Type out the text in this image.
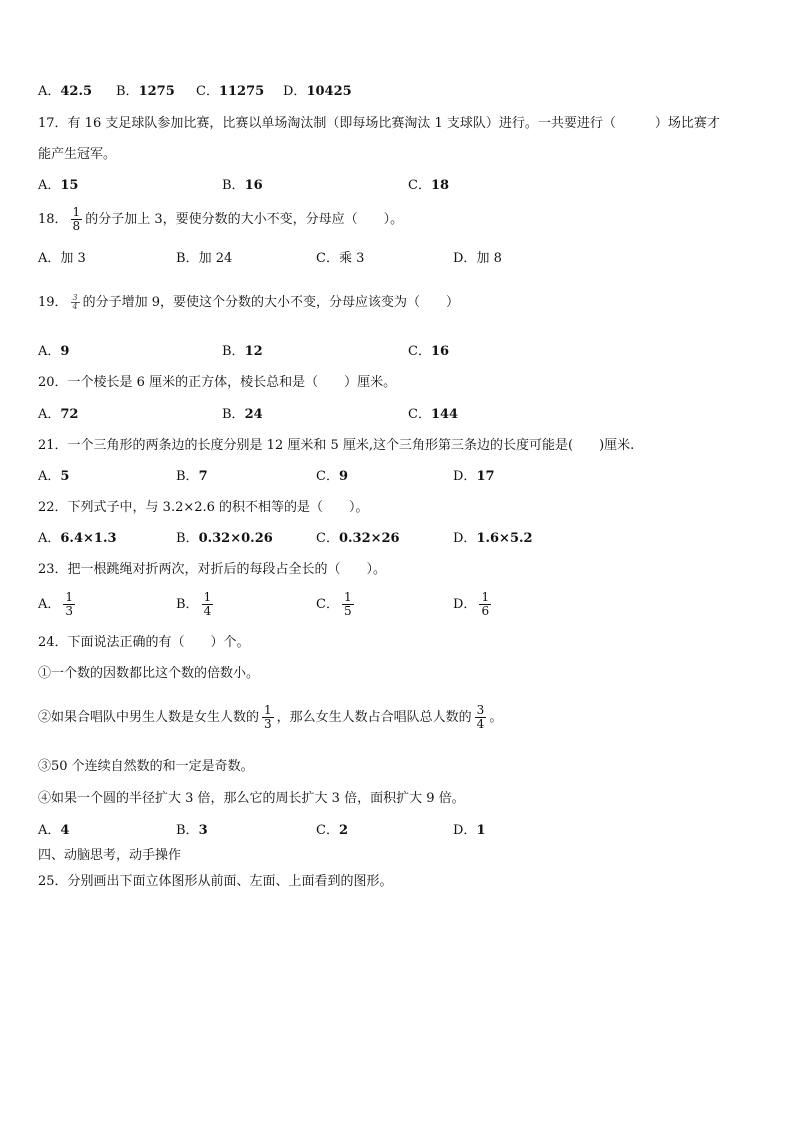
A．42.5 B．1275 C．11275 D．10425
17．有 16 支足球队参加比赛，比赛以单场淘汰制（即每场比赛淘汰 1 支球队）进行。一共要进行（　　　）场比赛才
能产生冠军。
A．15	B．16	C．18
18． $\frac{1}{8}$ 的分子加上 3，要使分数的大小不变，分母应（　　）。
A．加 3	B．加 24	C．乘 3	D．加 8
19． $\frac{3}{4}$ 的分子增加 9，要使这个分数的大小不变，分母应该变为（　　）
A．9	B．12	C．16
20．一个棱长是 6 厘米的正方体，棱长总和是（　　）厘米。
A．72	B．24	C．144
21．一个三角形的两条边的长度分别是 12 厘米和 5 厘米,这个三角形第三条边的长度可能是(　　)厘米.
A．5	B．7	C．9	D．17
22．下列式子中，与 3.2×2.6 的积不相等的是（　　）。
A．6.4×1.3	B．0.32×0.26	C．0.32×26	D．1.6×5.2
23．把一根跳绳对折两次，对折后的每段占全长的（　　）。
A． $\frac{1}{3}$	B． $\frac{1}{4}$	C． $\frac{1}{5}$	D． $\frac{1}{6}$
24．下面说法正确的有（　　）个。
①一个数的因数都比这个数的倍数小。
②如果合唱队中男生人数是女生人数的 $\frac{1}{3}$ ，那么女生人数占合唱队总人数的 $\frac{3}{4}$ 。
③50 个连续自然数的和一定是奇数。
④如果一个圆的半径扩大 3 倍，那么它的周长扩大 3 倍，面积扩大 9 倍。
A．4	B．3	C．2	D．1
四、动脑思考，动手操作
25．分别画出下面立体图形从前面、左面、上面看到的图形。
